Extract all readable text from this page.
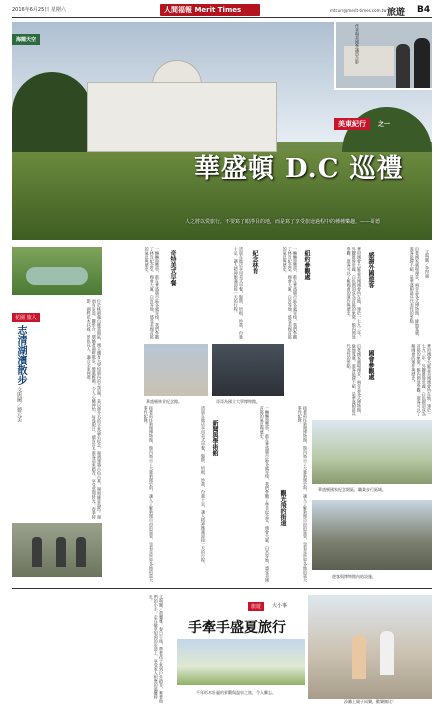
2016年6月25日 星期六	人間福報 Merit Times	mtcurr@merit-times.com.tw 旅遊 B4
海闊天空	作者與美國參議員合影
美東紀行	之一
華盛頓 D.C 巡禮
人之將以愛旅行，不要寫了眼淨目的地，而是寫了享受旅途過程中的種種樂趣。——哥德
花園 旅人
志清湖濱散步
文與圖／德元美	位於桃園龍山鄉貫園區，國立體育大學校園內的志清湖，是以蔣介石的字來諭名紀念。湖濱建築古色古香，湖面綠意盎然。湖面有步道、觀景台，環繞著湖畔散步，微風輕拂，令人心曠神怡。每逢假日，總有許多遊客前來踏青，享受悠閒時光。春季時節，湖畔花木扶疏，景色宜人，適合全家同遊。
一輛輛遊覽車，都在華盛頓市區各處穿梭，我們參觀了林肯紀念堂、國會大廈、白宮等地，感受美國首都的氣息與歷史。	奇特美式早餐	清晨在飯店享用美式早餐，鬆餅、培根、炒蛋，份量十足，讓人精神飽滿迎接一天的行程。	紀念林肯	一輛輛遊覽車，都在華盛頓市區各處穿梭，我們參觀了林肯紀念堂、國會大廈、白宮等地，感受美國首都的氣息與歷史。
華盛頓林肯紀念館。	哥哥為國立大學博物館。
接著前往新聞博物館，館內展示了大量新聞史料，讓人了解新聞自由的重要，也看見世界各地的重大事件紀錄。	清晨在飯店享用美式早餐，鬆餅、培根、炒蛋，份量十足，讓人精神飽滿迎接一天的行程。 新聞與學術館	一輛輛遊覽車，都在華盛頓市區各處穿梭，我們參觀了林肯紀念堂、國會大廈、白宮等地，感受美國首都的氣息與歷史。
觀光飛的街道	接著前往新聞博物館，館內展示了大量新聞史料，讓人了解新聞自由的重要，也看見世界各地的重大事件紀錄。
紐約參觀處	華府國會大廈是美國國會所在地，建於一七九三年，外觀雄偉壯麗，白色圓頂成為首都的象徵。館內開放參觀，遊客可以了解國會的運作與歷史。	感謝外國遊客	沿著國家廣場漫步，兩旁是各式博物館，綠地寬廣，遊客絡繹不絕，是華盛頓最具代表性的景點。	文與圖／李得湖
沿著國家廣場漫步，兩旁是各式博物館，綠地寬廣，遊客絡繹不絕，是華盛頓最具代表性的景點。	國會參觀處	華府國會大廈是美國國會所在地，建於一七九三年，外觀雄偉壯麗，白色圓頂成為首都的象徵。館內開放參觀，遊客可以了解國會的運作與歷史。
華盛頓國家紀念園區，職業步行區域。
遊客與博物館內的設施。
文與圖／黃馨雅。春日午後，帶著孩子來到戶外踏青，牽著他們的小手，走在綠草如茵的步道上，享受家人相聚的溫馨時光。
旅遊	大小事
手牽手盛夏旅行
千年杉木壯麗的景觀與溫泉之旅，令人難忘。
沙灘上親子同樂，歡樂無比！
